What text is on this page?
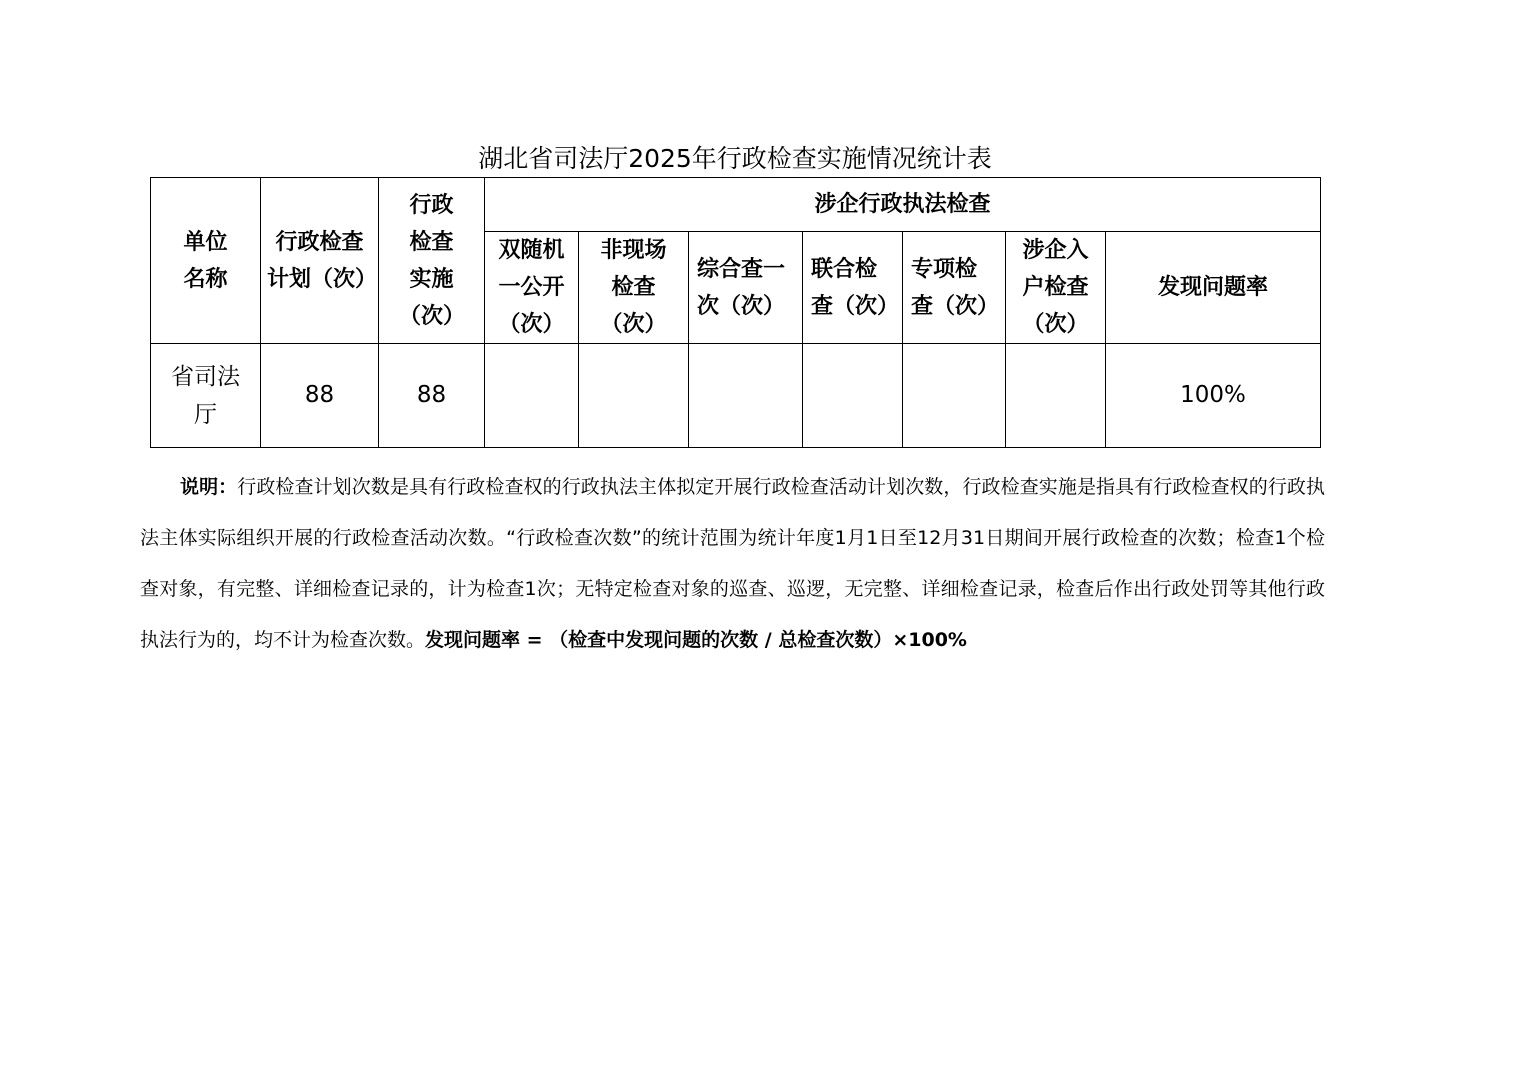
湖北省司法厅2025年行政检查实施情况统计表
单位名称	行政检查计划（次）	行政检查实施（次）	涉企行政执法检查						
			双随机一公开（次）	非现场检查（次）	综合查一次（次）	联合检查（次）	专项检查（次）	涉企入户检查（次）	发现问题率
省司法厅	88	88							100%

说明：行政检查计划次数是具有行政检查权的行政执法主体拟定开展行政检查活动计划次数，行政检查实施是指具有行政检查权的行政执法主体实际组织开展的行政检查活动次数。“行政检查次数”的统计范围为统计年度1月1日至12月31日期间开展行政检查的次数；检查1个检查对象，有完整、详细检查记录的，计为检查1次；无特定检查对象的巡查、巡逻，无完整、详细检查记录，检查后作出行政处罚等其他行政执法行为的，均不计为检查次数。发现问题率 = （检查中发现问题的次数 / 总检查次数）×100%
